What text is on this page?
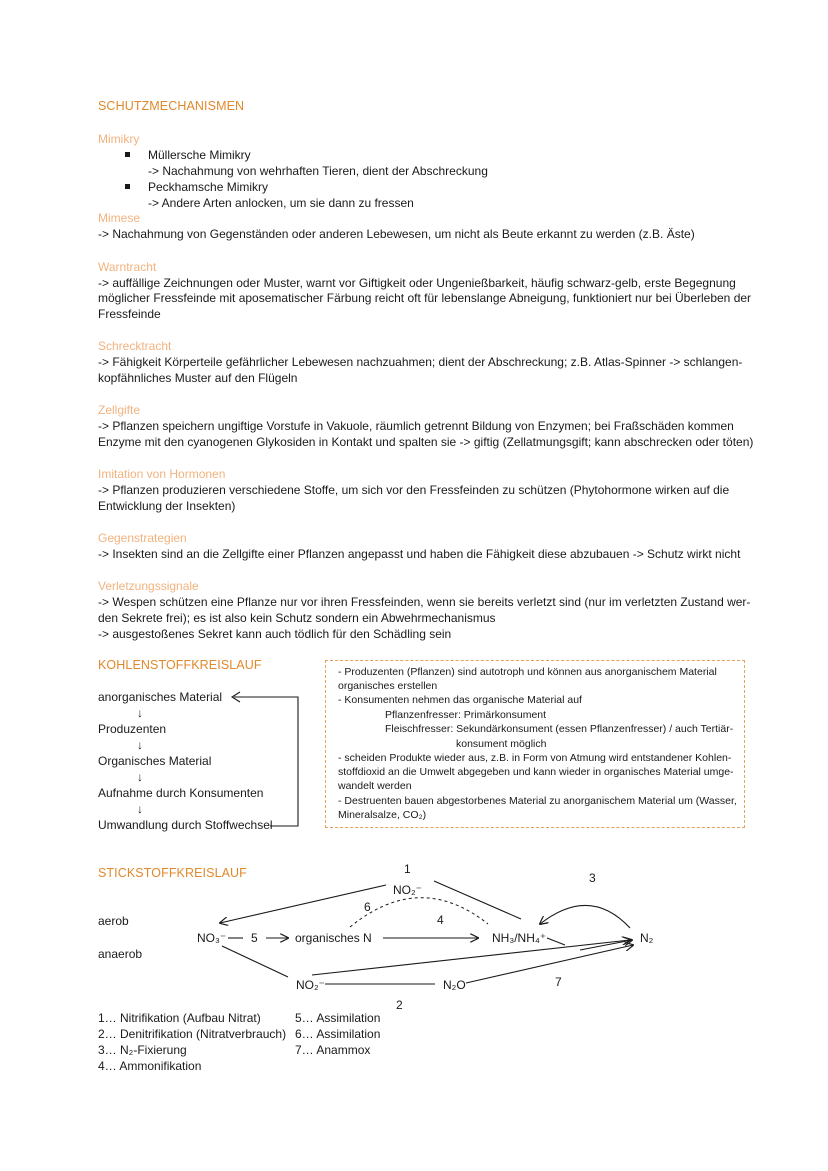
SCHUTZMECHANISMEN
Mimikry
Müllersche Mimikry
-> Nachahmung von wehrhaften Tieren, dient der Abschreckung
Peckhamsche Mimikry
-> Andere Arten anlocken, um sie dann zu fressen
Mimese
-> Nachahmung von Gegenständen oder anderen Lebewesen, um nicht als Beute erkannt zu werden (z.B. Äste)
Warntracht
-> auffällige Zeichnungen oder Muster, warnt vor Giftigkeit oder Ungenießbarkeit, häufig schwarz-gelb, erste Begegnung
möglicher Fressfeinde mit aposematischer Färbung reicht oft für lebenslange Abneigung, funktioniert nur bei Überleben der
Fressfeinde
Schrecktracht
-> Fähigkeit Körperteile gefährlicher Lebewesen nachzuahmen; dient der Abschreckung; z.B. Atlas-Spinner -> schlangen-
kopfähnliches Muster auf den Flügeln
Zellgifte
-> Pflanzen speichern ungiftige Vorstufe in Vakuole, räumlich getrennt Bildung von Enzymen; bei Fraßschäden kommen
Enzyme mit den cyanogenen Glykosiden in Kontakt und spalten sie -> giftig (Zellatmungsgift; kann abschrecken oder töten)
Imitation von Hormonen
-> Pflanzen produzieren verschiedene Stoffe, um sich vor den Fressfeinden zu schützen (Phytohormone wirken auf die
Entwicklung der Insekten)
Gegenstrategien
-> Insekten sind an die Zellgifte einer Pflanzen angepasst und haben die Fähigkeit diese abzubauen -> Schutz wirkt nicht
Verletzungssignale
-> Wespen schützen eine Pflanze nur vor ihren Fressfeinden, wenn sie bereits verletzt sind (nur im verletzten Zustand wer-
den Sekrete frei); es ist also kein Schutz sondern ein Abwehrmechanismus
-> ausgestoßenes Sekret kann auch tödlich für den Schädling sein
KOHLENSTOFFKREISLAUF
anorganisches Material
↓
Produzenten
↓
Organisches Material
↓
Aufnahme durch Konsumenten
↓
Umwandlung durch Stoffwechsel
- Produzenten (Pflanzen) sind autotroph und können aus anorganischem Material
organisches erstellen
- Konsumenten nehmen das organische Material auf
Pflanzenfresser: Primärkonsument
Fleischfresser: Sekundärkonsument (essen Pflanzenfresser) / auch Tertiär-
konsument möglich
- scheiden Produkte wieder aus, z.B. in Form von Atmung wird entstandener Kohlen-
stoffdioxid an die Umwelt abgegeben und kann wieder in organisches Material umge-
wandelt werden
- Destruenten bauen abgestorbenes Material zu anorganischem Material um (Wasser,
Mineralsalze, CO₂)
STICKSTOFFKREISLAUF
aerob
anaerob
NO₃⁻
NO₂⁻
organisches N	NH₃/NH₄⁺	N₂
NO₂⁻	N₂O
1
2
3
4
5
6
7
1… Nitrifikation (Aufbau Nitrat)
2… Denitrifikation (Nitratverbrauch)
3… N₂-Fixierung
4… Ammonifikation
5… Assimilation
6… Assimilation
7… Anammox
